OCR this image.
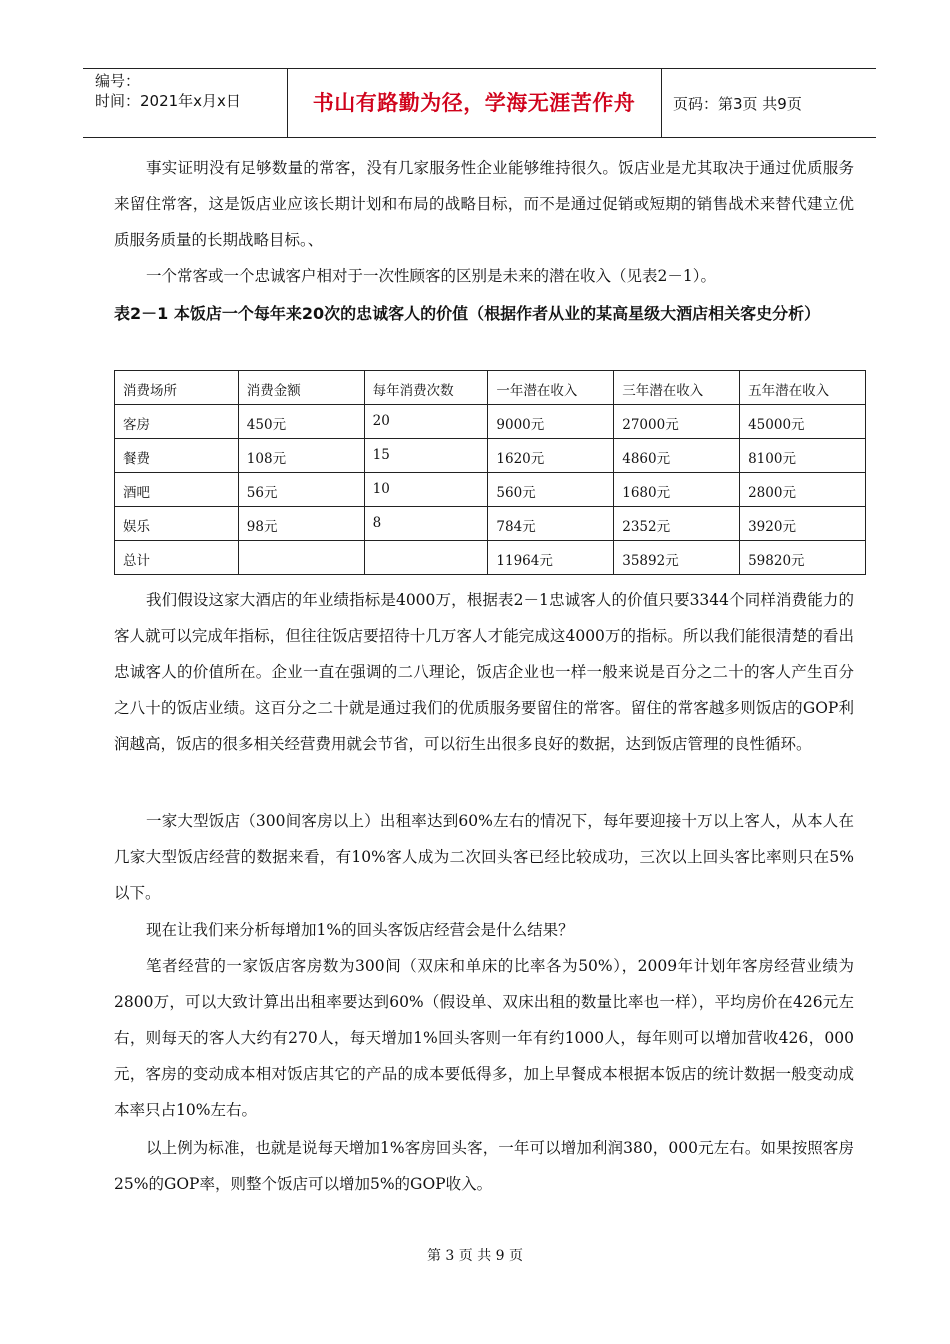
编号：
时间：2021年x月x日	书山有路勤为径，学海无涯苦作舟	页码：第3页 共9页

事实证明没有足够数量的常客，没有几家服务性企业能够维持很久。饭店业是尤其取决于通过优质服务来留住常客，这是饭店业应该长期计划和布局的战略目标，而不是通过促销或短期的销售战术来替代建立优质服务质量的长期战略目标。、

一个常客或一个忠诚客户相对于一次性顾客的区别是未来的潜在收入（见表2－1）。

表2－1 本饭店一个每年来20次的忠诚客人的价值（根据作者从业的某高星级大酒店相关客史分析）
消费场所	消费金额	每年消费次数	一年潜在收入	三年潜在收入	五年潜在收入
客房	450元	20	9000元	27000元	45000元
餐费	108元	15	1620元	4860元	8100元
酒吧	56元	10	560元	1680元	2800元
娱乐	98元	8	784元	2352元	3920元
总计			11964元	35892元	59820元

我们假设这家大酒店的年业绩指标是4000万，根据表2－1忠诚客人的价值只要3344个同样消费能力的客人就可以完成年指标，但往往饭店要招待十几万客人才能完成这4000万的指标。所以我们能很清楚的看出忠诚客人的价值所在。企业一直在强调的二八理论，饭店企业也一样一般来说是百分之二十的客人产生百分之八十的饭店业绩。这百分之二十就是通过我们的优质服务要留住的常客。留住的常客越多则饭店的GOP利润越高，饭店的很多相关经营费用就会节省，可以衍生出很多良好的数据，达到饭店管理的良性循环。

一家大型饭店（300间客房以上）出租率达到60%左右的情况下，每年要迎接十万以上客人，从本人在几家大型饭店经营的数据来看，有10%客人成为二次回头客已经比较成功，三次以上回头客比率则只在5%以下。

现在让我们来分析每增加1%的回头客饭店经营会是什么结果？

笔者经营的一家饭店客房数为300间（双床和单床的比率各为50%），2009年计划年客房经营业绩为2800万，可以大致计算出出租率要达到60%（假设单、双床出租的数量比率也一样），平均房价在426元左右，则每天的客人大约有270人，每天增加1%回头客则一年有约1000人，每年则可以增加营收426，000元，客房的变动成本相对饭店其它的产品的成本要低得多，加上早餐成本根据本饭店的统计数据一般变动成本率只占10%左右。

以上例为标准，也就是说每天增加1%客房回头客，一年可以增加利润380，000元左右。如果按照客房25%的GOP率，则整个饭店可以增加5%的GOP收入。

第 3 页 共 9 页
